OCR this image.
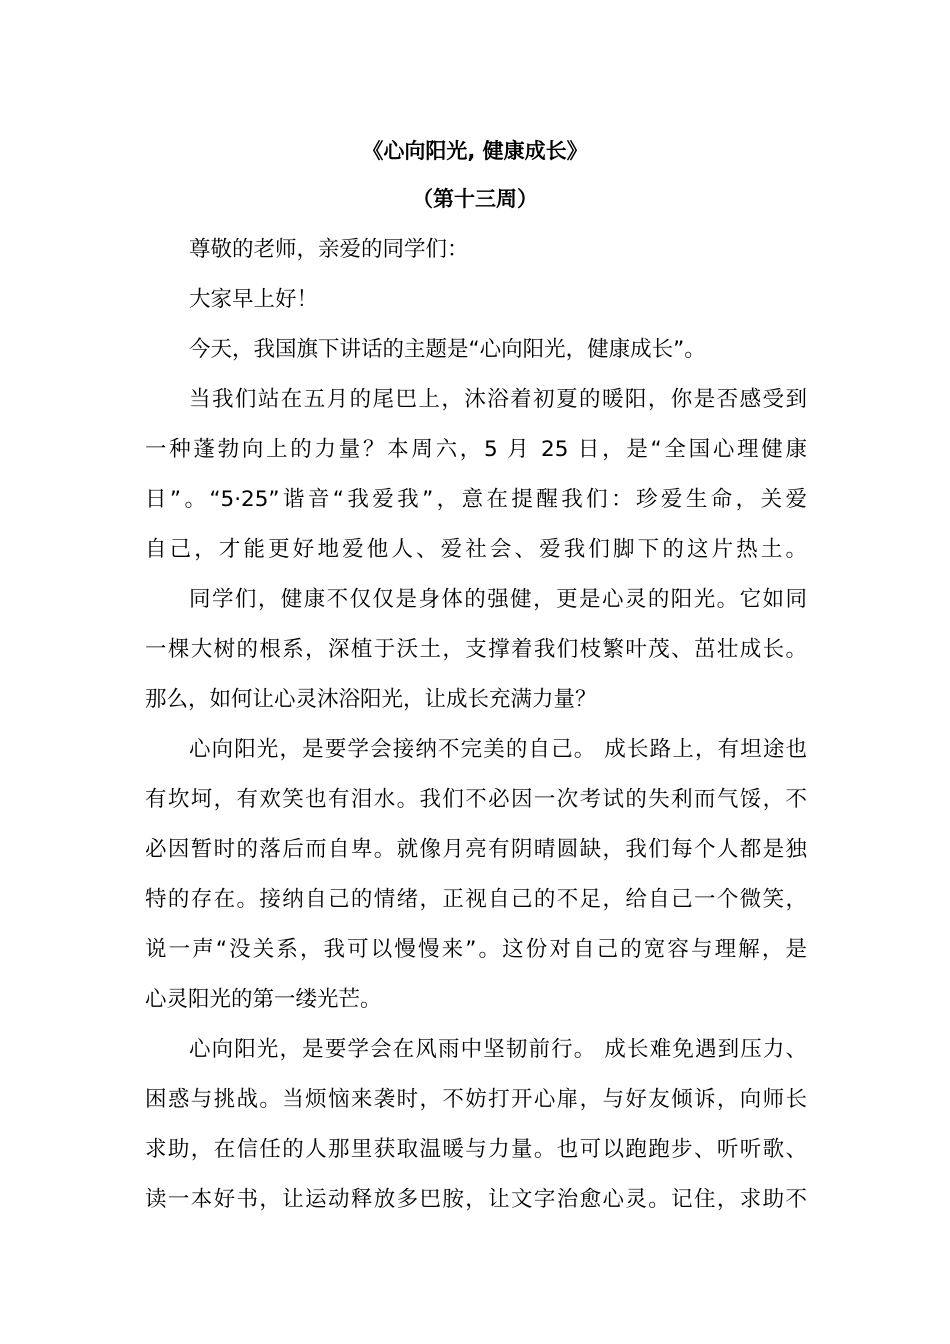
《心向阳光, 健康成长》
（第十三周）
尊敬的老师，亲爱的同学们：
大家早上好！
今天，我国旗下讲话的主题是“心向阳光，健康成长”。
当我们站在五月的尾巴上，沐浴着初夏的暖阳，你是否感受到
一种蓬勃向上的力量？本周六，5 月 25 日，是“全国心理健康
日”。“5·25”谐音“我爱我”，意在提醒我们：珍爱生命，关爱
自己，才能更好地爱他人、爱社会、爱我们脚下的这片热土。
同学们，健康不仅仅是身体的强健，更是心灵的阳光。它如同
一棵大树的根系，深植于沃土，支撑着我们枝繁叶茂、茁壮成长。
那么，如何让心灵沐浴阳光，让成长充满力量？
心向阳光，是要学会接纳不完美的自己。 成长路上，有坦途也
有坎坷，有欢笑也有泪水。我们不必因一次考试的失利而气馁，不
必因暂时的落后而自卑。就像月亮有阴晴圆缺，我们每个人都是独
特的存在。接纳自己的情绪，正视自己的不足，给自己一个微笑，
说一声“没关系，我可以慢慢来”。这份对自己的宽容与理解，是
心灵阳光的第一缕光芒。
心向阳光，是要学会在风雨中坚韧前行。 成长难免遇到压力、
困惑与挑战。当烦恼来袭时，不妨打开心扉，与好友倾诉，向师长
求助，在信任的人那里获取温暖与力量。也可以跑跑步、听听歌、
读一本好书，让运动释放多巴胺，让文字治愈心灵。记住，求助不
